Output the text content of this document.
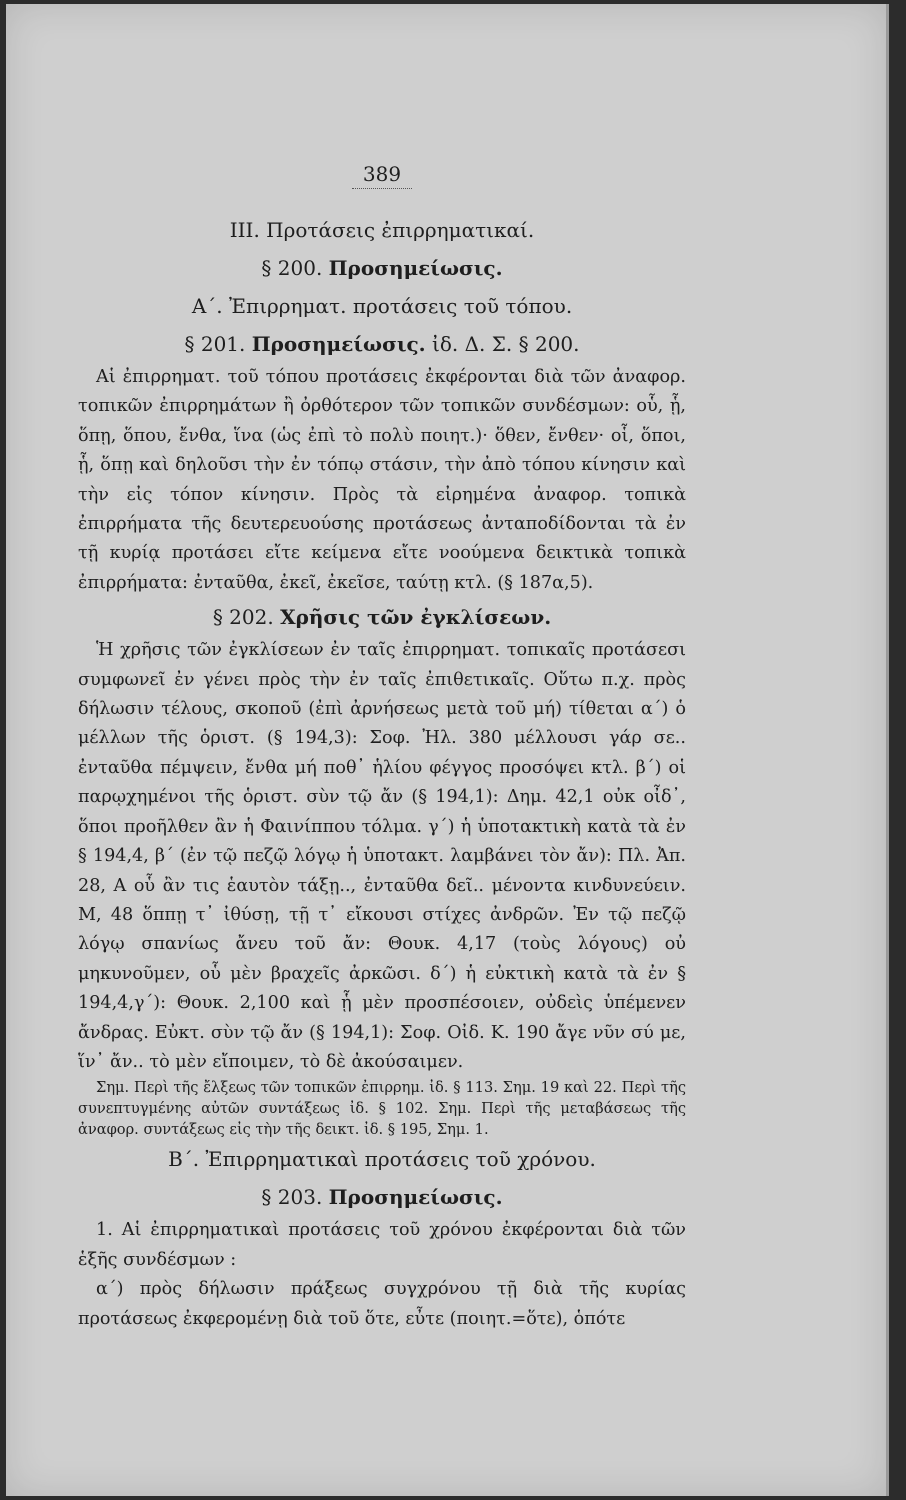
389

III. Προτάσεις ἐπιρρηματικαί.

§ 200. Προσημείωσις.

Α΄. Ἐπιρρηματ. προτάσεις τοῦ τόπου.

§ 201. Προσημείωσις. ἰδ. Δ. Σ. § 200.

Αἱ ἐπιρρηματ. τοῦ τόπου προτάσεις ἐκφέρονται διὰ τῶν ἀναφορ. τοπικῶν ἐπιρρημάτων ἢ ὀρθότερον τῶν τοπικῶν συνδέσμων: οὗ, ᾗ, ὅπῃ, ὅπου, ἔνθα, ἵνα (ὡς ἐπὶ τὸ πολὺ ποιητ.)· ὅθεν, ἔνθεν· οἷ, ὅποι, ᾗ, ὅπῃ καὶ δηλοῦσι τὴν ἐν τόπῳ στάσιν, τὴν ἀπὸ τόπου κίνησιν καὶ τὴν εἰς τόπον κίνησιν. Πρὸς τὰ εἰρημένα ἀναφορ. τοπικὰ ἐπιρρήματα τῆς δευτερευούσης προτάσεως ἀνταποδίδονται τὰ ἐν τῇ κυρίᾳ προτάσει εἴτε κείμενα εἴτε νοούμενα δεικτικὰ τοπικὰ ἐπιρρήματα: ἐνταῦθα, ἐκεῖ, ἐκεῖσε, ταύτῃ κτλ. (§ 187α,5).

§ 202. Χρῆσις τῶν ἐγκλίσεων.

Ἡ χρῆσις τῶν ἐγκλίσεων ἐν ταῖς ἐπιρρηματ. τοπικαῖς προτάσεσι συμφωνεῖ ἐν γένει πρὸς τὴν ἐν ταῖς ἐπιθετικαῖς. Οὕτω π.χ. πρὸς δήλωσιν τέλους, σκοποῦ (ἐπὶ ἀρνήσεως μετὰ τοῦ μή) τίθεται α΄) ὁ μέλλων τῆς ὁριστ. (§ 194,3): Σοφ. Ἠλ. 380 μέλλουσι γάρ σε.. ἐνταῦθα πέμψειν, ἔνθα μή ποθ᾽ ἡλίου φέγγος προσόψει κτλ. β΄) οἱ παρῳχημένοι τῆς ὁριστ. σὺν τῷ ἄν (§ 194,1): Δημ. 42,1 οὐκ οἶδ᾽, ὅποι προῆλθεν ἂν ἡ Φαινίππου τόλμα. γ΄) ἡ ὑποτακτικὴ κατὰ τὰ ἐν § 194,4, β΄ (ἐν τῷ πεζῷ λόγῳ ἡ ὑποτακτ. λαμβάνει τὸν ἄν): Πλ. Ἀπ. 28, Α οὗ ἂν τις ἑαυτὸν τάξῃ.., ἐνταῦθα δεῖ.. μένοντα κινδυνεύειν. Μ, 48 ὅππῃ τ᾽ ἰθύσῃ, τῇ τ᾽ εἴκουσι στίχες ἀνδρῶν. Ἐν τῷ πεζῷ λόγῳ σπανίως ἄνευ τοῦ ἄν: Θουκ. 4,17 (τοὺς λόγους) οὐ μηκυνοῦμεν, οὗ μὲν βραχεῖς ἀρκῶσι. δ΄) ἡ εὐκτικὴ κατὰ τὰ ἐν § 194,4,γ΄): Θουκ. 2,100 καὶ ᾗ μὲν προσπέσοιεν, οὐδεὶς ὑπέμενεν ἄνδρας. Εὐκτ. σὺν τῷ ἄν (§ 194,1): Σοφ. Οἰδ. Κ. 190 ἄγε νῦν σύ με, ἵν᾽ ἄν.. τὸ μὲν εἴποιμεν, τὸ δὲ ἀκούσαιμεν.

Σημ. Περὶ τῆς ἔλξεως τῶν τοπικῶν ἐπιρρημ. ἰδ. § 113. Σημ. 19 καὶ 22. Περὶ τῆς συνεπτυγμένης αὐτῶν συντάξεως ἰδ. § 102. Σημ. Περὶ τῆς μεταβάσεως τῆς ἀναφορ. συντάξεως εἰς τὴν τῆς δεικτ. ἰδ. § 195, Σημ. 1.

Β΄. Ἐπιρρηματικαὶ προτάσεις τοῦ χρόνου.

§ 203. Προσημείωσις.

1. Αἱ ἐπιρρηματικαὶ προτάσεις τοῦ χρόνου ἐκφέρονται διὰ τῶν ἑξῆς συνδέσμων :

α΄) πρὸς δήλωσιν πράξεως συγχρόνου τῇ διὰ τῆς κυρίας προτάσεως ἐκφερομένῃ διὰ τοῦ ὅτε, εὖτε (ποιητ.=ὅτε), ὁπότε
